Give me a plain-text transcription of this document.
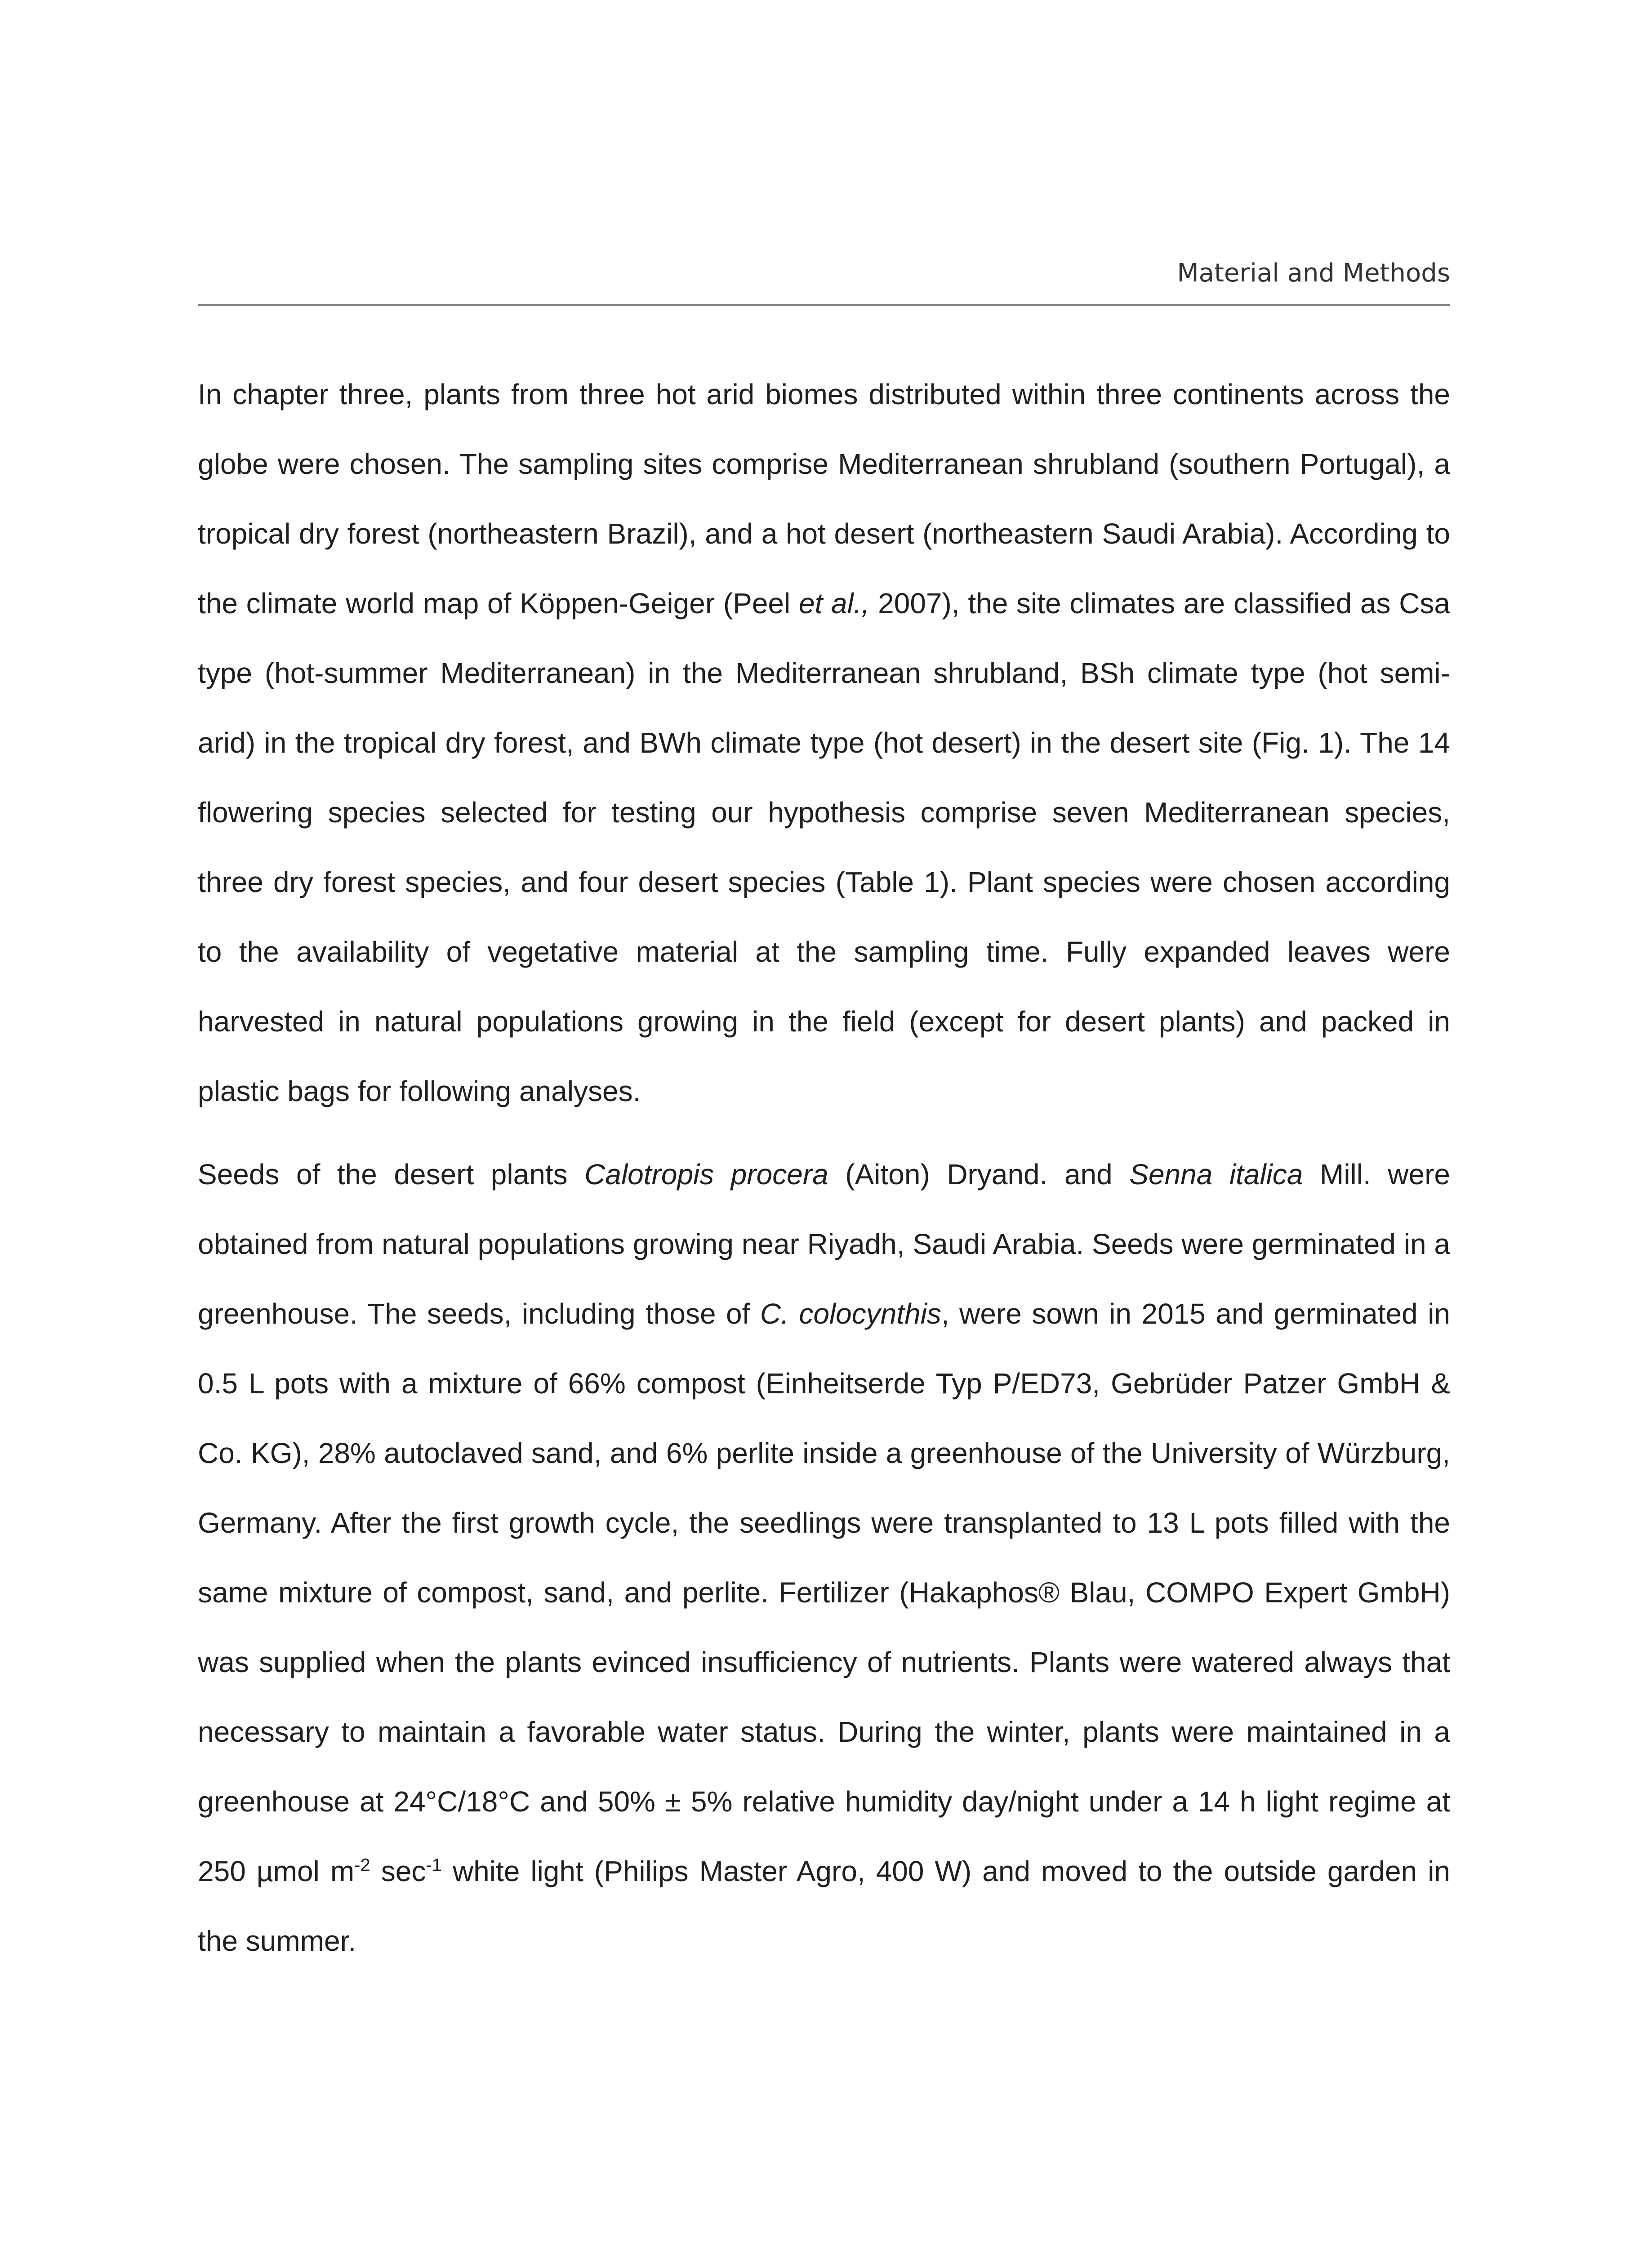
Material and Methods

In chapter three, plants from three hot arid biomes distributed within three continents across the globe were chosen. The sampling sites comprise Mediterranean shrubland (southern Portugal), a tropical dry forest (northeastern Brazil), and a hot desert (northeastern Saudi Arabia). According to the climate world map of Köppen-Geiger (Peel et al., 2007), the site climates are classified as Csa type (hot-summer Mediterranean) in the Mediterranean shrubland, BSh climate type (hot semi-arid) in the tropical dry forest, and BWh climate type (hot desert) in the desert site (Fig. 1). The 14 flowering species selected for testing our hypothesis comprise seven Mediterranean species, three dry forest species, and four desert species (Table 1). Plant species were chosen according to the availability of vegetative material at the sampling time. Fully expanded leaves were harvested in natural populations growing in the field (except for desert plants) and packed in plastic bags for following analyses.

Seeds of the desert plants Calotropis procera (Aiton) Dryand. and Senna italica Mill. were obtained from natural populations growing near Riyadh, Saudi Arabia. Seeds were germinated in a greenhouse. The seeds, including those of C. colocynthis, were sown in 2015 and germinated in 0.5 L pots with a mixture of 66% compost (Einheitserde Typ P/ED73, Gebrüder Patzer GmbH & Co. KG), 28% autoclaved sand, and 6% perlite inside a greenhouse of the University of Würzburg, Germany. After the first growth cycle, the seedlings were transplanted to 13 L pots filled with the same mixture of compost, sand, and perlite. Fertilizer (Hakaphos® Blau, COMPO Expert GmbH) was supplied when the plants evinced insufficiency of nutrients. Plants were watered always that necessary to maintain a favorable water status. During the winter, plants were maintained in a greenhouse at 24°C/18°C and 50% ± 5% relative humidity day/night under a 14 h light regime at 250 µmol $m^{-2}$ $\sec^{-1}$ white light (Philips Master Agro, 400 W) and moved to the outside garden in the summer.
